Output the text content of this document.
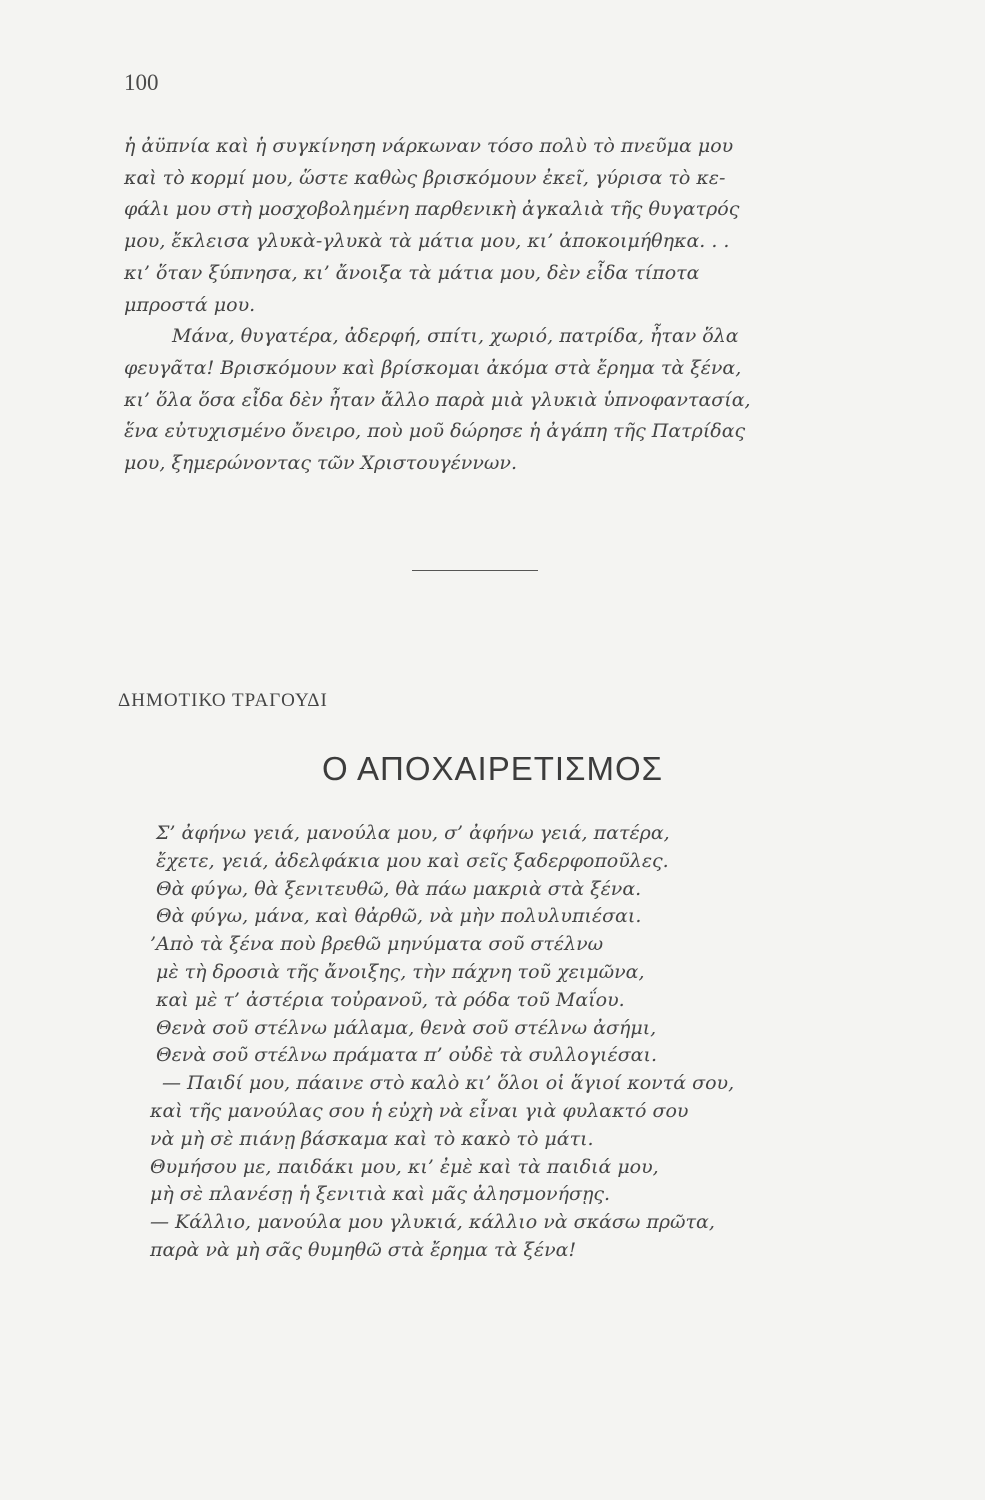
100

ἡ ἀϋπνία καὶ ἡ συγκίνηση νάρκωναν τόσο πολὺ τὸ πνεῦμα μου
καὶ τὸ κορμί μου, ὥστε καθὼς βρισκόμουν ἐκεῖ, γύρισα τὸ κε-
φάλι μου στὴ μοσχοβολημένη παρθενικὴ ἀγκαλιὰ τῆς θυγατρός
μου, ἔκλεισα γλυκὰ-γλυκὰ τὰ μάτια μου, κι’ ἀποκοιμήθηκα. . .
κι’ ὅταν ξύπνησα, κι’ ἄνοιξα τὰ μάτια μου, δὲν εἶδα τίποτα
μπροστά μου.

Μάνα, θυγατέρα, ἀδερφή, σπίτι, χωριό, πατρίδα, ἦταν ὅλα
φευγᾶτα! Βρισκόμουν καὶ βρίσκομαι ἀκόμα στὰ ἔρημα τὰ ξένα,
κι’ ὅλα ὅσα εἶδα δὲν ἦταν ἄλλο παρὰ μιὰ γλυκιὰ ὑπνοφαντασία,
ἕνα εὐτυχισμένο ὄνειρο, ποὺ μοῦ δώρησε ἡ ἀγάπη τῆς Πατρίδας
μου, ξημερώνοντας τῶν Χριστουγέννων.

ΔΗΜΟΤΙΚΟ ΤΡΑΓΟΥΔΙ
Ο ΑΠΟΧΑΙΡΕΤΙΣΜΟΣ
Σ’ ἀφήνω γειά, μανούλα μου, σ’ ἀφήνω γειά, πατέρα,
ἔχετε, γειά, ἀδελφάκια μου καὶ σεῖς ξαδερφοποῦλες.
Θὰ φύγω, θὰ ξενιτευθῶ, θὰ πάω μακριὰ στὰ ξένα.
Θὰ φύγω, μάνα, καὶ θἀρθῶ, νὰ μὴν πολυλυπιέσαι.
’Απὸ τὰ ξένα ποὺ βρεθῶ μηνύματα σοῦ στέλνω
μὲ τὴ δροσιὰ τῆς ἄνοιξης, τὴν πάχνη τοῦ χειμῶνα,
καὶ μὲ τ’ ἀστέρια τοὐρανοῦ, τὰ ρόδα τοῦ Μαΐου.
Θενὰ σοῦ στέλνω μάλαμα, θενὰ σοῦ στέλνω ἀσήμι,
Θενὰ σοῦ στέλνω πράματα π’ οὐδὲ τὰ συλλογιέσαι.
— Παιδί μου, πάαινε στὸ καλὸ κι’ ὅλοι οἱ ἅγιοί κοντά σου,
καὶ τῆς μανούλας σου ἡ εὐχὴ νὰ εἶναι γιὰ φυλακτό σου
νὰ μὴ σὲ πιάνῃ βάσκαμα καὶ τὸ κακὸ τὸ μάτι.
Θυμήσου με, παιδάκι μου, κι’ ἐμὲ καὶ τὰ παιδιά μου,
μὴ σὲ πλανέσῃ ἡ ξενιτιὰ καὶ μᾶς ἀλησμονήσῃς.
— Κάλλιο, μανούλα μου γλυκιά, κάλλιο νὰ σκάσω πρῶτα,
παρὰ νὰ μὴ σᾶς θυμηθῶ στὰ ἔρημα τὰ ξένα!
